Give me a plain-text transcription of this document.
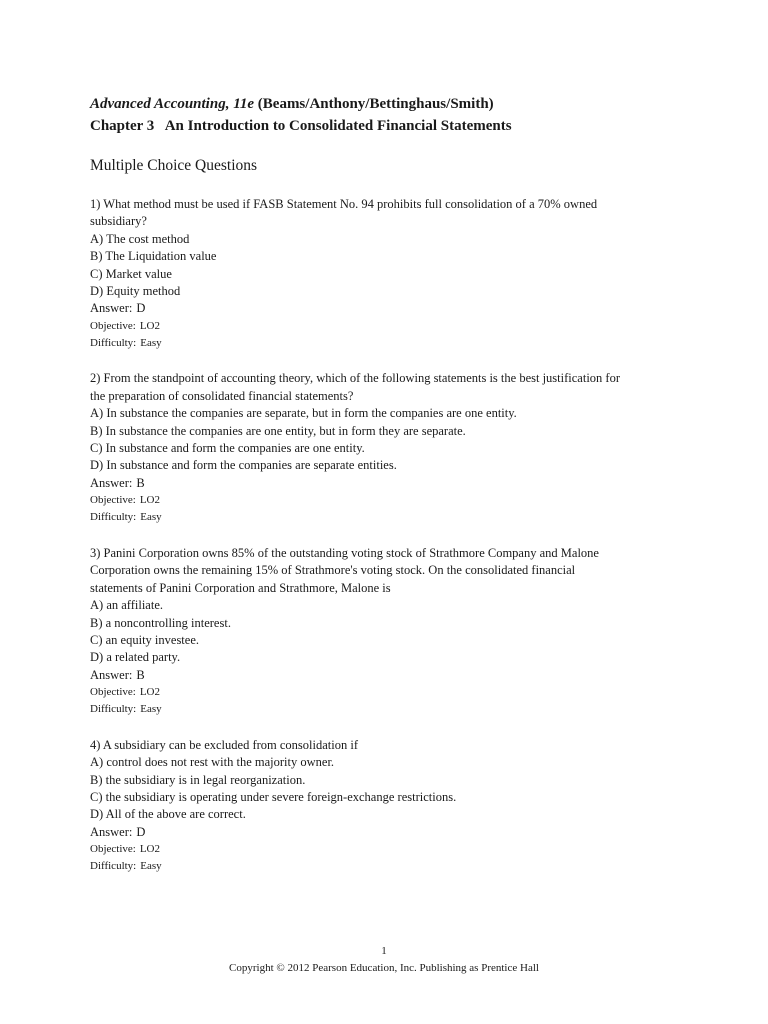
Advanced Accounting, 11e (Beams/Anthony/Bettinghaus/Smith)
Chapter 3   An Introduction to Consolidated Financial Statements
Multiple Choice Questions
1) What method must be used if FASB Statement No. 94 prohibits full consolidation of a 70% owned
subsidiary?
A) The cost method
B) The Liquidation value
C) Market value
D) Equity method
Answer: D
Objective: LO2
Difficulty: Easy
2) From the standpoint of accounting theory, which of the following statements is the best justification for
the preparation of consolidated financial statements?
A) In substance the companies are separate, but in form the companies are one entity.
B) In substance the companies are one entity, but in form they are separate.
C) In substance and form the companies are one entity.
D) In substance and form the companies are separate entities.
Answer: B
Objective: LO2
Difficulty: Easy
3) Panini Corporation owns 85% of the outstanding voting stock of Strathmore Company and Malone
Corporation owns the remaining 15% of Strathmore's voting stock. On the consolidated financial
statements of Panini Corporation and Strathmore, Malone is
A) an affiliate.
B) a noncontrolling interest.
C) an equity investee.
D) a related party.
Answer: B
Objective: LO2
Difficulty: Easy
4) A subsidiary can be excluded from consolidation if
A) control does not rest with the majority owner.
B) the subsidiary is in legal reorganization.
C) the subsidiary is operating under severe foreign-exchange restrictions.
D) All of the above are correct.
Answer: D
Objective: LO2
Difficulty: Easy
1
Copyright © 2012 Pearson Education, Inc. Publishing as Prentice Hall
